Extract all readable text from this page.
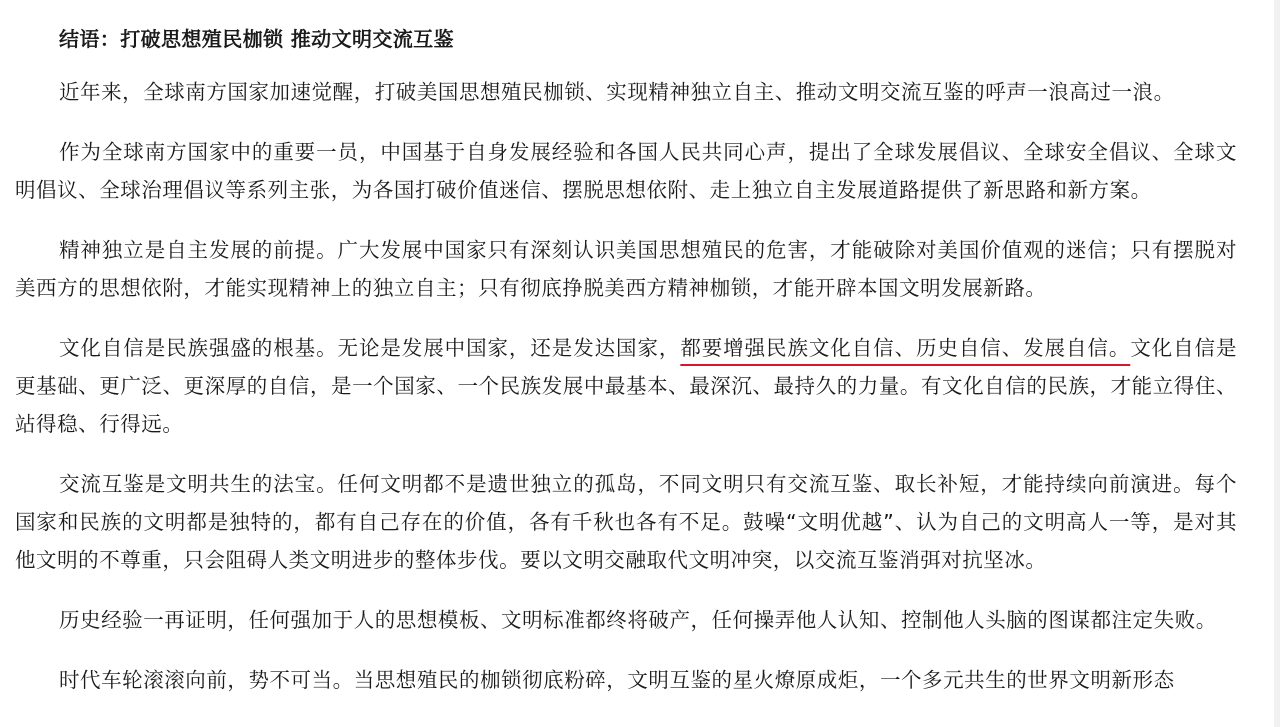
结语：打破思想殖民枷锁 推动文明交流互鉴

近年来，全球南方国家加速觉醒，打破美国思想殖民枷锁、实现精神独立自主、推动文明交流互鉴的呼声一浪高过一浪。

作为全球南方国家中的重要一员，中国基于自身发展经验和各国人民共同心声，提出了全球发展倡议、全球安全倡议、全球文明倡议、全球治理倡议等系列主张，为各国打破价值迷信、摆脱思想依附、走上独立自主发展道路提供了新思路和新方案。

精神独立是自主发展的前提。广大发展中国家只有深刻认识美国思想殖民的危害，才能破除对美国价值观的迷信；只有摆脱对美西方的思想依附，才能实现精神上的独立自主；只有彻底挣脱美西方精神枷锁，才能开辟本国文明发展新路。

文化自信是民族强盛的根基。无论是发展中国家，还是发达国家，都要增强民族文化自信、历史自信、发展自信。文化自信是更基础、更广泛、更深厚的自信，是一个国家、一个民族发展中最基本、最深沉、最持久的力量。有文化自信的民族，才能立得住、站得稳、行得远。

交流互鉴是文明共生的法宝。任何文明都不是遗世独立的孤岛，不同文明只有交流互鉴、取长补短，才能持续向前演进。每个国家和民族的文明都是独特的，都有自己存在的价值，各有千秋也各有不足。鼓噪“文明优越”、认为自己的文明高人一等，是对其他文明的不尊重，只会阻碍人类文明进步的整体步伐。要以文明交融取代文明冲突，以交流互鉴消弭对抗坚冰。

历史经验一再证明，任何强加于人的思想模板、文明标准都终将破产，任何操弄他人认知、控制他人头脑的图谋都注定失败。

时代车轮滚滚向前，势不可当。当思想殖民的枷锁彻底粉碎，文明互鉴的星火燎原成炬，一个多元共生的世界文明新形态
